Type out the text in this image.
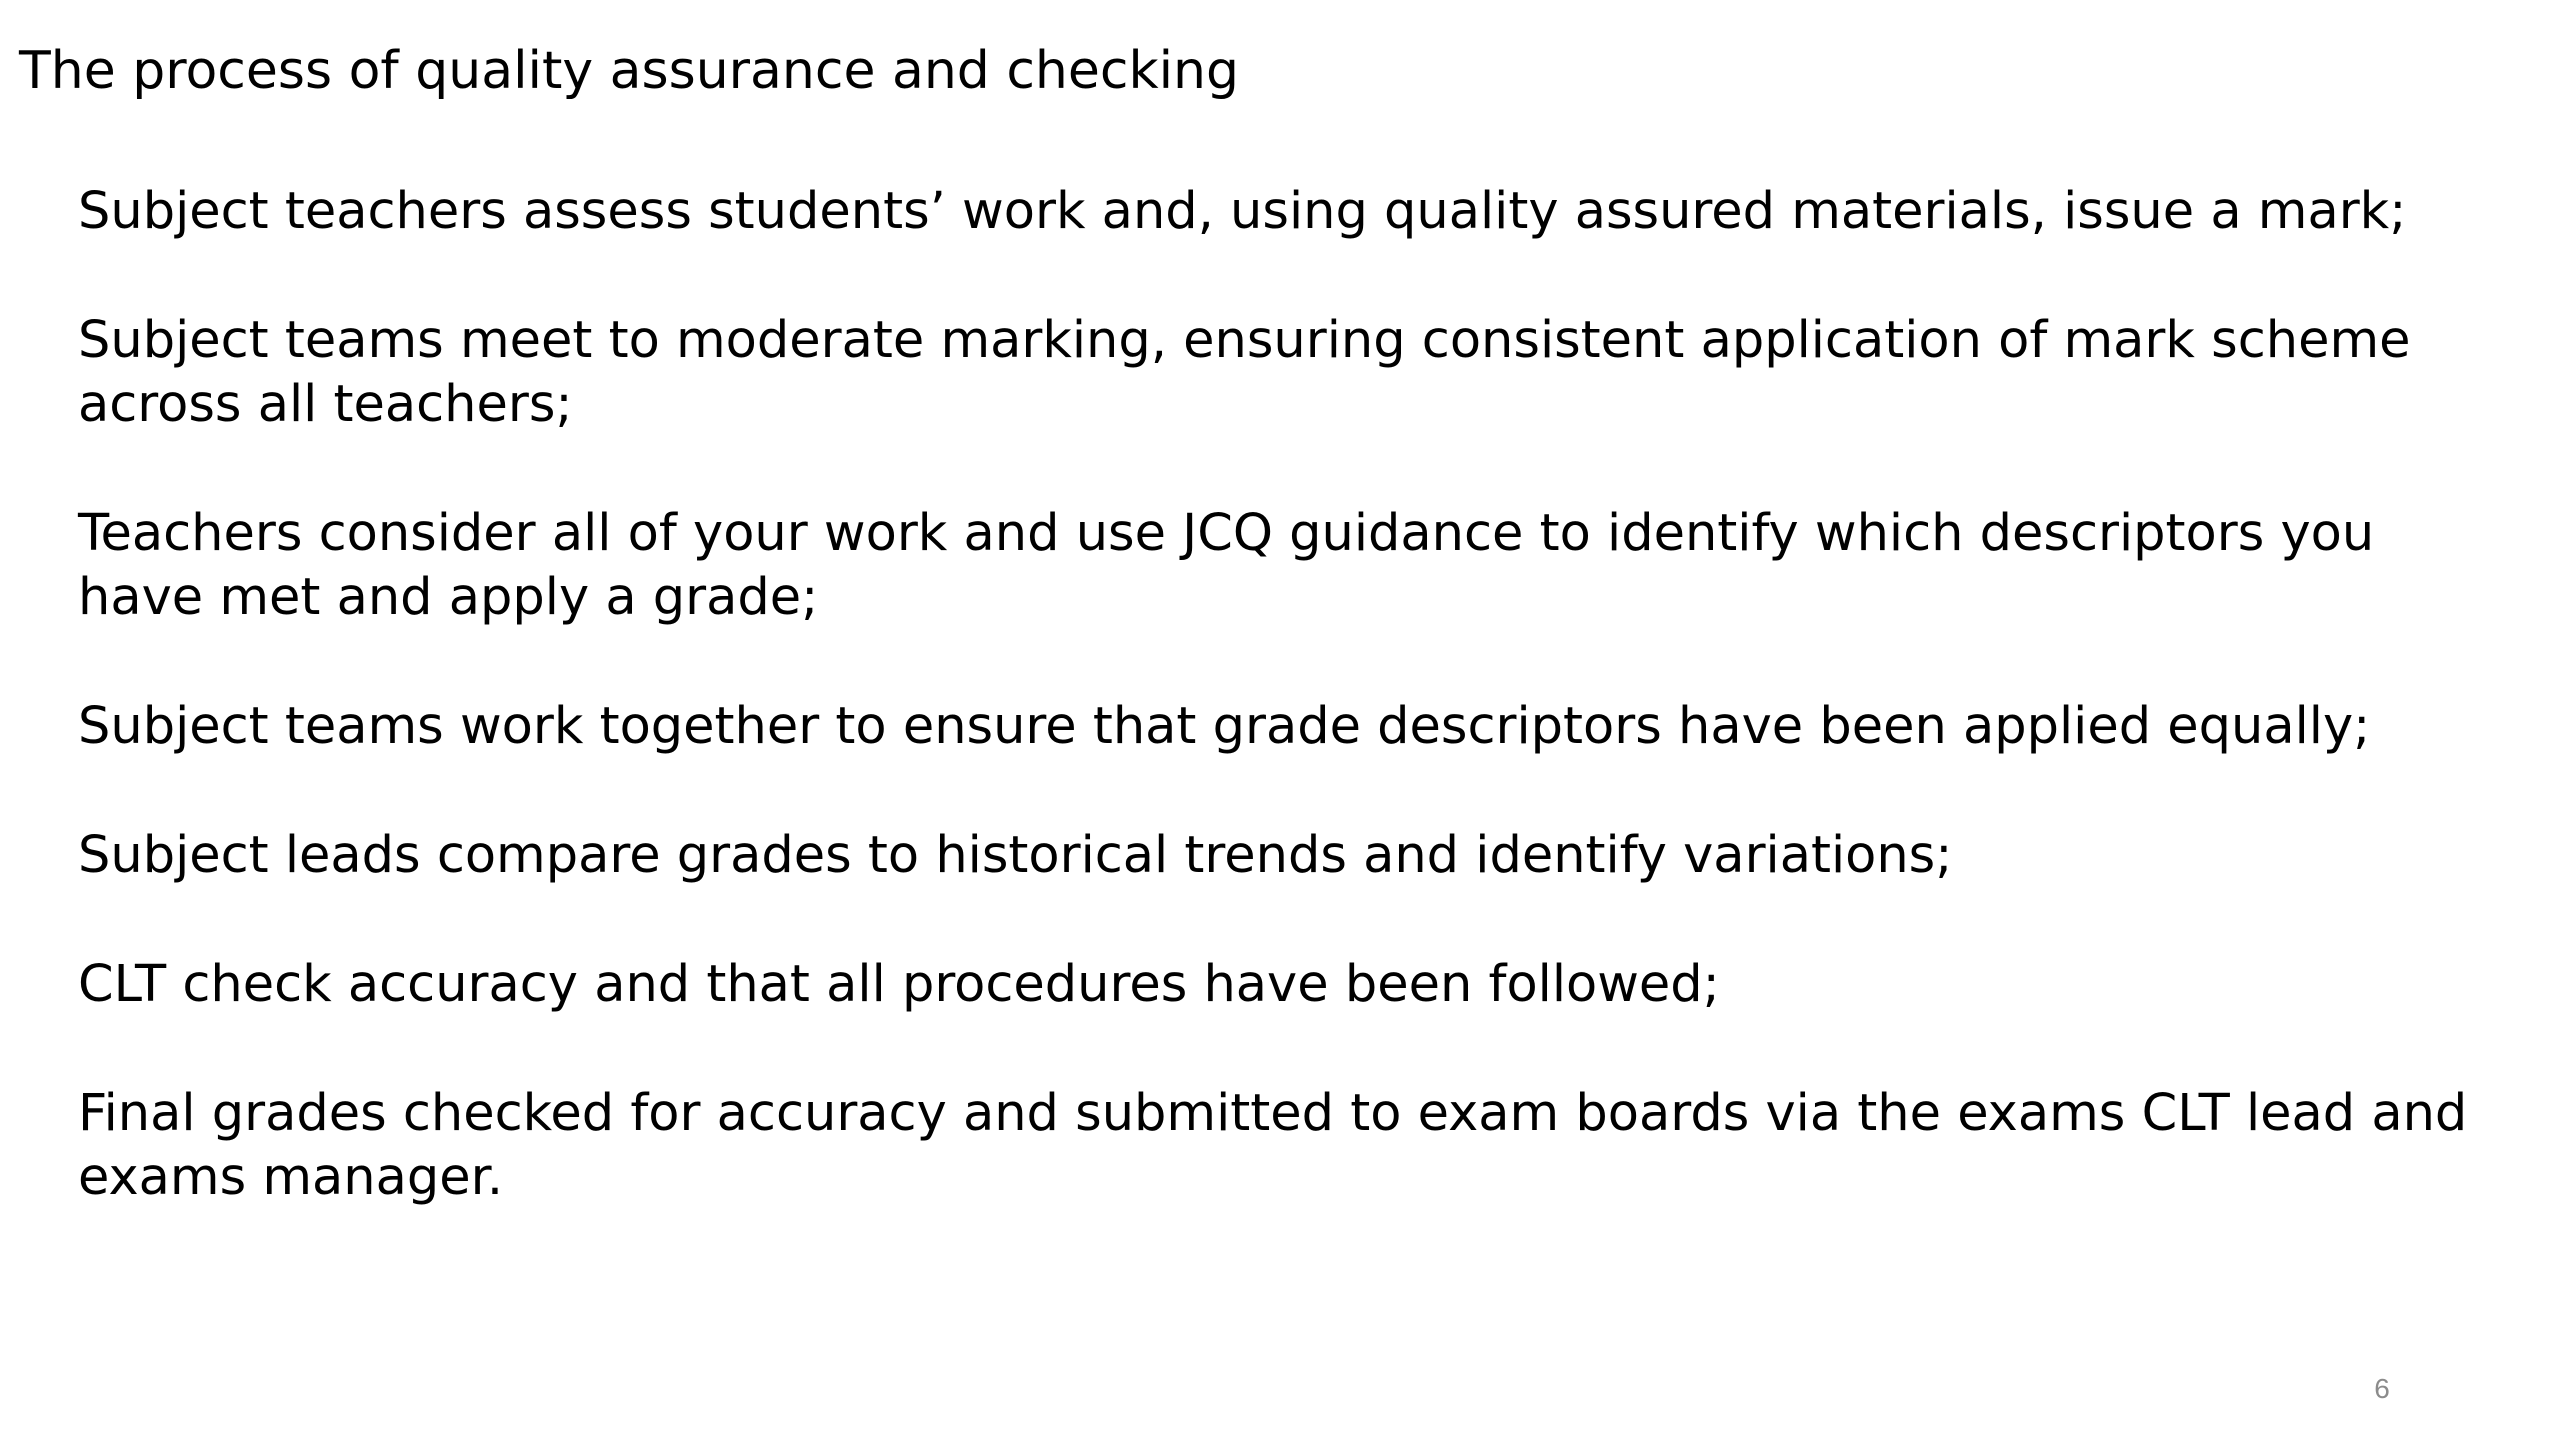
The process of quality assurance and checking
Subject teachers assess students’ work and, using quality assured materials, issue a mark;
Subject teams meet to moderate marking, ensuring consistent application of mark scheme across all teachers;
Teachers consider all of your work and use JCQ guidance to identify which descriptors you have met and apply a grade;
Subject teams work together to ensure that grade descriptors have been applied equally;
Subject leads compare grades to historical trends and identify variations;
CLT check accuracy and that all procedures have been followed;
Final grades checked for accuracy and submitted to exam boards via the exams CLT lead and exams manager.
6
